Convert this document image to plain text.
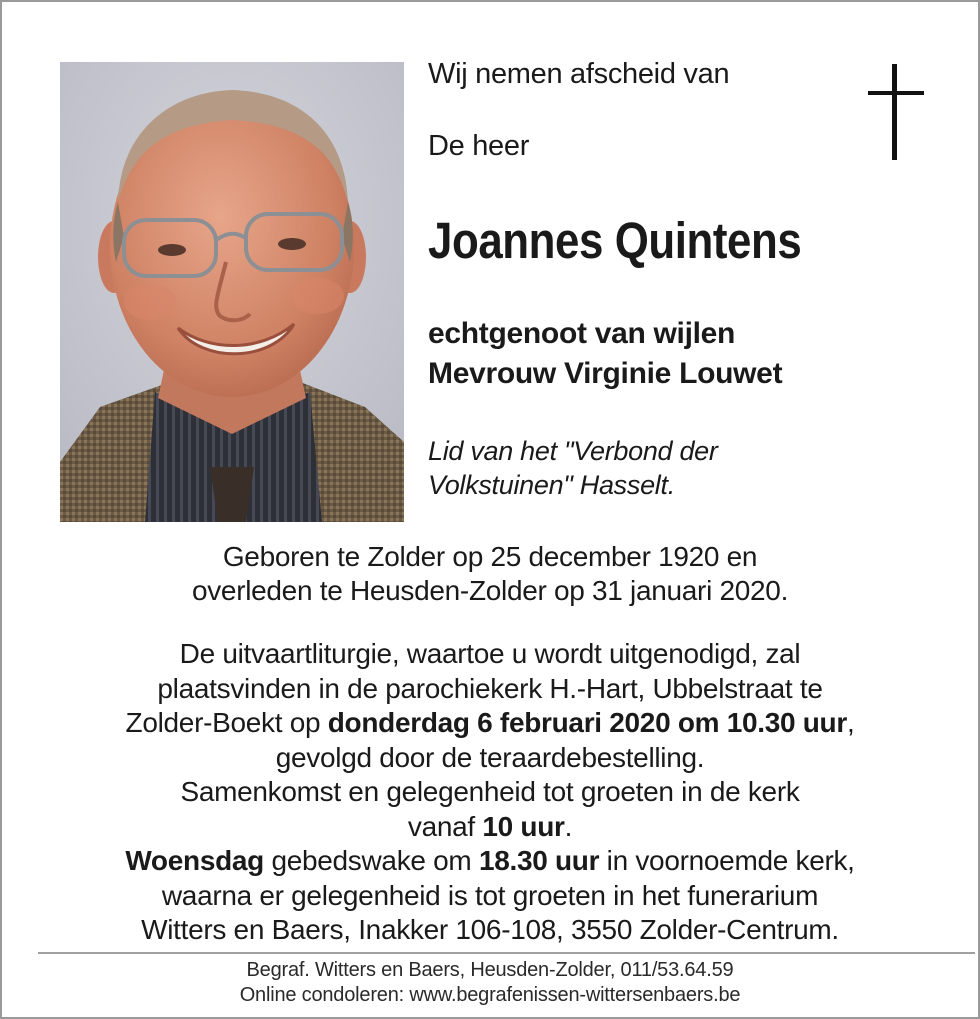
Wij nemen afscheid van
De heer
Joannes Quintens
echtgenoot van wijlen
Mevrouw Virginie Louwet
Lid van het "Verbond der
Volkstuinen" Hasselt.
Geboren te Zolder op 25 december 1920 en
overleden te Heusden-Zolder op 31 januari 2020.
De uitvaartliturgie, waartoe u wordt uitgenodigd, zal
plaatsvinden in de parochiekerk H.-Hart, Ubbelstraat te
Zolder-Boekt op donderdag 6 februari 2020 om 10.30 uur,
gevolgd door de teraardebestelling.
Samenkomst en gelegenheid tot groeten in de kerk
vanaf 10 uur.
Woensdag gebedswake om 18.30 uur in voornoemde kerk,
waarna er gelegenheid is tot groeten in het funerarium
Witters en Baers, Inakker 106-108, 3550 Zolder-Centrum.
Begraf. Witters en Baers, Heusden-Zolder, 011/53.64.59
Online condoleren: www.begrafenissen-wittersenbaers.be
